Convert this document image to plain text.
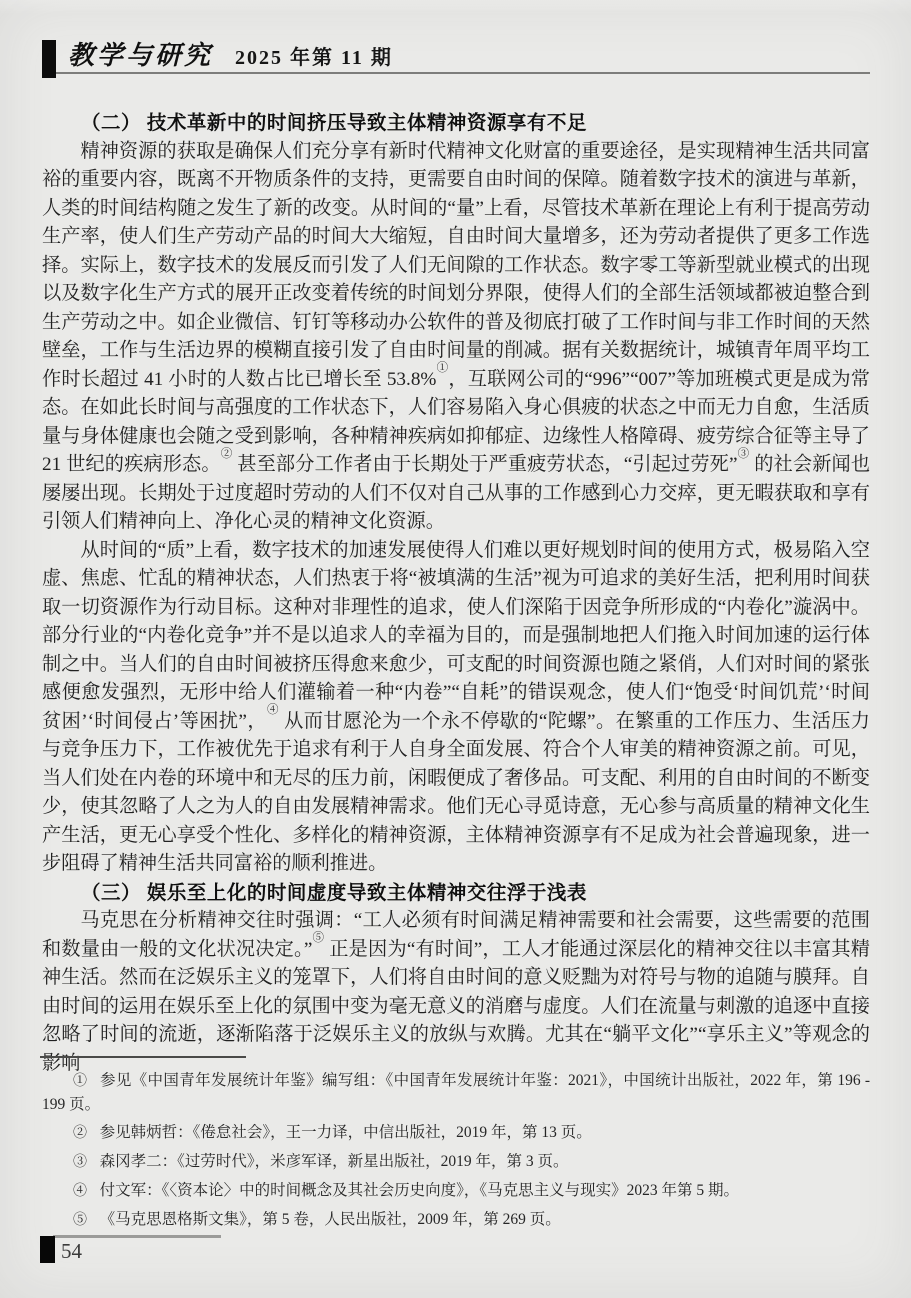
教学与研究 2025 年第 11 期
（二） 技术革新中的时间挤压导致主体精神资源享有不足

精神资源的获取是确保人们充分享有新时代精神文化财富的重要途径，是实现精神生活共同富裕的重要内容，既离不开物质条件的支持，更需要自由时间的保障。随着数字技术的演进与革新，人类的时间结构随之发生了新的改变。从时间的“量”上看，尽管技术革新在理论上有利于提高劳动生产率，使人们生产劳动产品的时间大大缩短，自由时间大量增多，还为劳动者提供了更多工作选择。实际上，数字技术的发展反而引发了人们无间隙的工作状态。数字零工等新型就业模式的出现以及数字化生产方式的展开正改变着传统的时间划分界限，使得人们的全部生活领域都被迫整合到生产劳动之中。如企业微信、钉钉等移动办公软件的普及彻底打破了工作时间与非工作时间的天然壁垒，工作与生活边界的模糊直接引发了自由时间量的削减。据有关数据统计，城镇青年周平均工作时长超过 41 小时的人数占比已增长至 53.8%①，互联网公司的“996”“007”等加班模式更是成为常态。在如此长时间与高强度的工作状态下，人们容易陷入身心俱疲的状态之中而无力自愈，生活质量与身体健康也会随之受到影响，各种精神疾病如抑郁症、边缘性人格障碍、疲劳综合征等主导了 21 世纪的疾病形态。② 甚至部分工作者由于长期处于严重疲劳状态，“引起过劳死”③ 的社会新闻也屡屡出现。长期处于过度超时劳动的人们不仅对自己从事的工作感到心力交瘁，更无暇获取和享有引领人们精神向上、净化心灵的精神文化资源。

从时间的“质”上看，数字技术的加速发展使得人们难以更好规划时间的使用方式，极易陷入空虚、焦虑、忙乱的精神状态，人们热衷于将“被填满的生活”视为可追求的美好生活，把利用时间获取一切资源作为行动目标。这种对非理性的追求，使人们深陷于因竞争所形成的“内卷化”漩涡中。部分行业的“内卷化竞争”并不是以追求人的幸福为目的，而是强制地把人们拖入时间加速的运行体制之中。当人们的自由时间被挤压得愈来愈少，可支配的时间资源也随之紧俏，人们对时间的紧张感便愈发强烈，无形中给人们灌输着一种“内卷”“自耗”的错误观念，使人们“饱受‘时间饥荒’‘时间贫困’‘时间侵占’等困扰”，④ 从而甘愿沦为一个永不停歇的“陀螺”。在繁重的工作压力、生活压力与竞争压力下，工作被优先于追求有利于人自身全面发展、符合个人审美的精神资源之前。可见，当人们处在内卷的环境中和无尽的压力前，闲暇便成了奢侈品。可支配、利用的自由时间的不断变少，使其忽略了人之为人的自由发展精神需求。他们无心寻觅诗意，无心参与高质量的精神文化生产生活，更无心享受个性化、多样化的精神资源，主体精神资源享有不足成为社会普遍现象，进一步阻碍了精神生活共同富裕的顺利推进。

（三） 娱乐至上化的时间虚度导致主体精神交往浮于浅表

马克思在分析精神交往时强调：“工人必须有时间满足精神需要和社会需要，这些需要的范围和数量由一般的文化状况决定。”⑤ 正是因为“有时间”，工人才能通过深层化的精神交往以丰富其精神生活。然而在泛娱乐主义的笼罩下，人们将自由时间的意义贬黜为对符号与物的追随与膜拜。自由时间的运用在娱乐至上化的氛围中变为毫无意义的消磨与虚度。人们在流量与刺激的追逐中直接忽略了时间的流逝，逐渐陷落于泛娱乐主义的放纵与欢腾。尤其在“躺平文化”“享乐主义”等观念的影响

① 参见《中国青年发展统计年鉴》编写组：《中国青年发展统计年鉴：2021》，中国统计出版社，2022 年，第 196 - 199 页。

② 参见韩炳哲：《倦怠社会》，王一力译，中信出版社，2019 年，第 13 页。

③ 森冈孝二：《过劳时代》，米彦军译，新星出版社，2019 年，第 3 页。

④ 付文军：《〈资本论〉中的时间概念及其社会历史向度》，《马克思主义与现实》2023 年第 5 期。

⑤ 《马克思恩格斯文集》，第 5 卷，人民出版社，2009 年，第 269 页。

54
